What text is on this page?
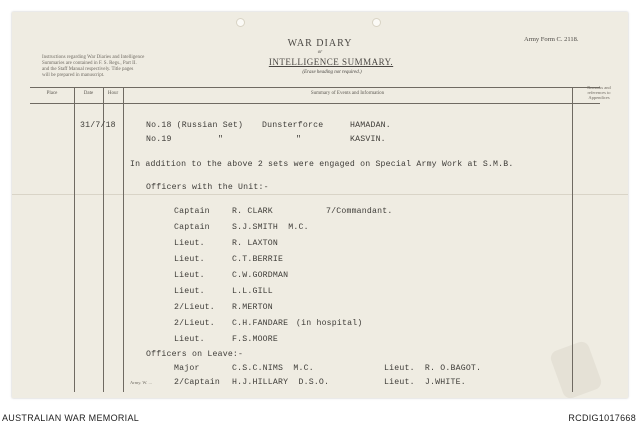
WAR DIARY
or
INTELLIGENCE SUMMARY.
(Erase heading not required.)
Army Form C. 2118.
Instructions regarding War Diaries and Intelligence
Summaries are contained in F. S. Regs., Part II.
and the Staff Manual respectively. Title pages
will be prepared in manuscript.
Place	Date	Hour	Summary of Events and Information
Remarks and
references to
Appendices
31/7/18	No.18 (Russian Set) Dunsterforce	HAMADAN.
No.19	"	"	KASVIN.
In addition to the above 2 sets were engaged on Special Army Work at S.M.B.
Officers with the Unit:-
Captain	R. CLARK	7/Commandant.
Captain	S.J.SMITH  M.C.
Lieut.	R. LAXTON
Lieut.	C.T.BERRIE
Lieut.	C.W.GORDMAN
Lieut.	L.L.GILL
2/Lieut. R.MERTON
2/Lieut. C.H.FANDARE (in hospital)
Lieut.	F.S.MOORE
Officers on Leave:-
Major	C.S.C.NIMS  M.C.	Lieut.  R. O.BAGOT.
Army. W. ...	2/Captain H.J.HILLARY  D.S.O.	Lieut.  J.WHITE.
AUSTRALIAN WAR MEMORIAL	RCDIG1017668
